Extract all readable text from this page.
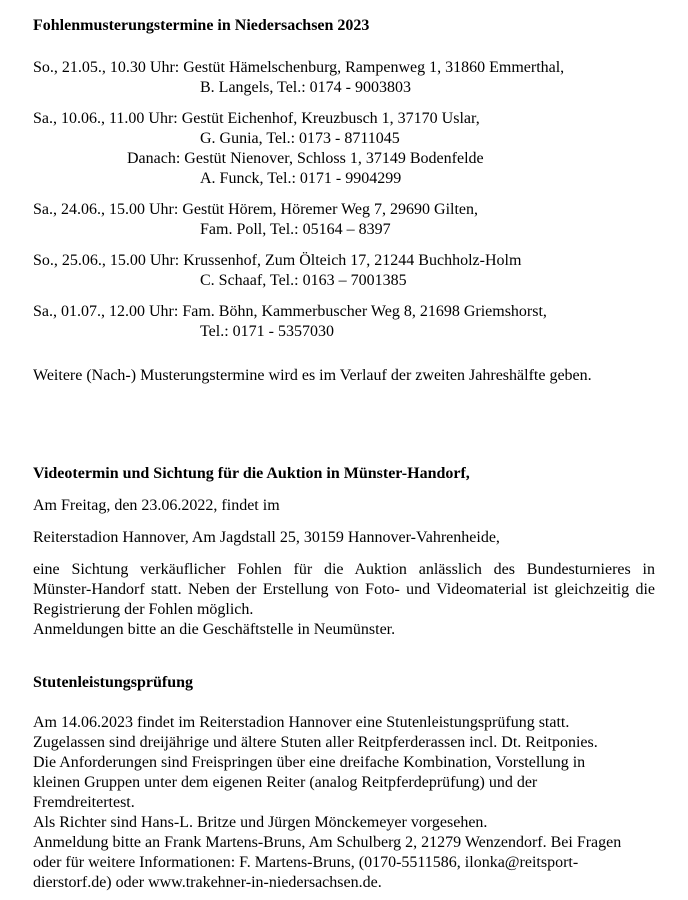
Fohlenmusterungstermine in Niedersachsen 2023
So., 21.05., 10.30 Uhr: Gestüt Hämelschenburg, Rampenweg 1, 31860 Emmerthal,
B. Langels, Tel.: 0174 - 9003803
Sa., 10.06., 11.00 Uhr: Gestüt Eichenhof, Kreuzbusch 1, 37170 Uslar,
G. Gunia, Tel.: 0173 - 8711045
Danach: Gestüt Nienover, Schloss 1, 37149 Bodenfelde
A. Funck, Tel.: 0171 - 9904299
Sa., 24.06., 15.00 Uhr: Gestüt Hörem, Höremer Weg 7, 29690 Gilten,
Fam. Poll, Tel.: 05164 – 8397
So., 25.06., 15.00 Uhr: Krussenhof, Zum Ölteich 17, 21244 Buchholz-Holm
C. Schaaf, Tel.: 0163 – 7001385
Sa., 01.07., 12.00 Uhr: Fam. Böhn, Kammerbuscher Weg 8, 21698 Griemshorst,
Tel.: 0171 - 5357030
Weitere (Nach-) Musterungstermine wird es im Verlauf der zweiten Jahreshälfte geben.
Videotermin und Sichtung für die Auktion in Münster-Handorf,
Am Freitag, den 23.06.2022, findet im
Reiterstadion Hannover, Am Jagdstall 25, 30159 Hannover-Vahrenheide,
eine Sichtung verkäuflicher Fohlen für die Auktion anlässlich des Bundesturnieres in
Münster-Handorf statt. Neben der Erstellung von Foto- und Videomaterial ist gleichzeitig die
Registrierung der Fohlen möglich.
Anmeldungen bitte an die Geschäftstelle in Neumünster.
Stutenleistungsprüfung
Am 14.06.2023 findet im Reiterstadion Hannover eine Stutenleistungsprüfung statt.
Zugelassen sind dreijährige und ältere Stuten aller Reitpferderassen incl. Dt. Reitponies.
Die Anforderungen sind Freispringen über eine dreifache Kombination, Vorstellung in
kleinen Gruppen unter dem eigenen Reiter (analog Reitpferdeprüfung) und der
Fremdreitertest.
Als Richter sind Hans-L. Britze und Jürgen Mönckemeyer vorgesehen.
Anmeldung bitte an Frank Martens-Bruns, Am Schulberg 2, 21279 Wenzendorf. Bei Fragen
oder für weitere Informationen: F. Martens-Bruns, (0170-5511586, ilonka@reitsport-
dierstorf.de) oder www.trakehner-in-niedersachsen.de.
